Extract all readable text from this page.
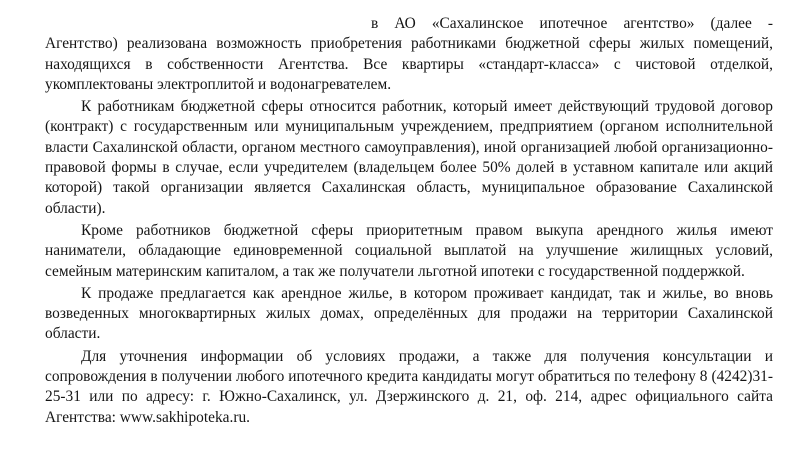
в АО «Сахалинское ипотечное агентство» (далее - Агентство) реализована возможность приобретения работниками бюджетной сферы жилых помещений, находящихся в собственности Агентства. Все квартиры «стандарт-класса» с чистовой отделкой, укомплектованы электроплитой и водонагревателем.

К работникам бюджетной сферы относится работник, который имеет действующий трудовой договор (контракт) с государственным или муниципальным учреждением, предприятием (органом исполнительной власти Сахалинской области, органом местного самоуправления), иной организацией любой организационно-правовой формы в случае, если учредителем (владельцем более 50% долей в уставном капитале или акций которой) такой организации является Сахалинская область, муниципальное образование Сахалинской области).

Кроме работников бюджетной сферы приоритетным правом выкупа арендного жилья имеют наниматели, обладающие единовременной социальной выплатой на улучшение жилищных условий, семейным материнским капиталом, а так же получатели льготной ипотеки с государственной поддержкой.

К продаже предлагается как арендное жилье, в котором проживает кандидат, так и жилье, во вновь возведенных многоквартирных жилых домах, определённых для продажи на территории Сахалинской области.

Для уточнения информации об условиях продажи, а также для получения консультации и сопровождения в получении любого ипотечного кредита кандидаты могут обратиться по телефону 8 (4242)31-25-31 или по адресу: г. Южно-Сахалинск, ул. Дзержинского д. 21, оф. 214, адрес официального сайта Агентства: www.sakhipoteka.ru.
